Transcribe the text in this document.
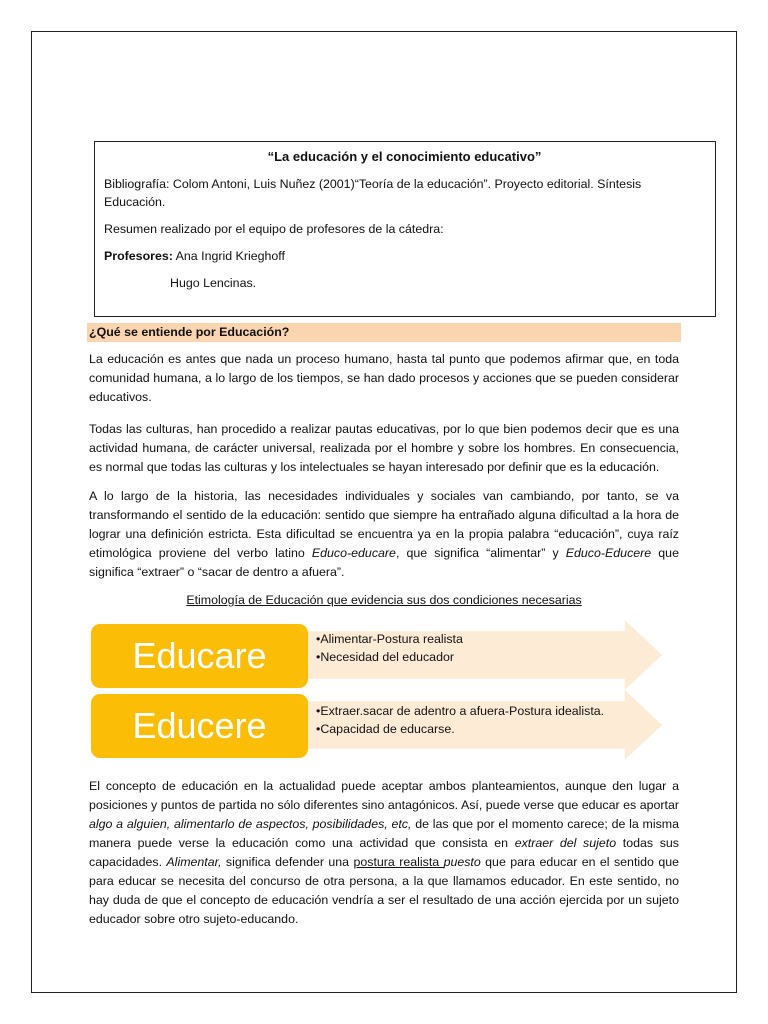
“La educación y el conocimiento educativo”

Bibliografía: Colom Antoni, Luis Nuñez (2001)“Teoría de la educación”. Proyecto editorial. Síntesis Educación.

Resumen realizado por el equipo de profesores de la cátedra:

Profesores: Ana Ingrid Krieghoff

Hugo Lencinas.

¿Qué se entiende por Educación?

La educación es antes que nada un proceso humano, hasta tal punto que podemos afirmar que, en toda comunidad humana, a lo largo de los tiempos, se han dado procesos y acciones que se pueden considerar educativos.

Todas las culturas, han procedido a realizar pautas educativas, por lo que bien podemos decir que es una actividad humana, de carácter universal, realizada por el hombre y sobre los hombres. En consecuencia, es normal que todas las culturas y los intelectuales se hayan interesado por definir que es la educación.

A lo largo de la historia, las necesidades individuales y sociales van cambiando, por tanto, se va transformando el sentido de la educación: sentido que siempre ha entrañado alguna dificultad a la hora de lograr una definición estricta. Esta dificultad se encuentra ya en la propia palabra “educación”, cuya raíz etimológica proviene del verbo latino Educo-educare, que significa “alimentar” y Educo-Educere que significa “extraer” o “sacar de dentro a afuera”.

Etimología de Educación que evidencia sus dos condiciones necesarias
Educare	•Alimentar-Postura realista
•Necesidad del educador
Educere	•Extraer.sacar de adentro a afuera-Postura idealista.
•Capacidad de educarse.

El concepto de educación en la actualidad puede aceptar ambos planteamientos, aunque den lugar a posiciones y puntos de partida no sólo diferentes sino antagónicos. Así, puede verse que educar es aportar algo a alguien, alimentarlo de aspectos, posibilidades, etc, de las que por el momento carece; de la misma manera puede verse la educación como una actividad que consista en extraer del sujeto todas sus capacidades. Alimentar, significa defender una postura realista puesto que para educar en el sentido que para educar se necesita del concurso de otra persona, a la que llamamos educador. En este sentido, no hay duda de que el concepto de educación vendría a ser el resultado de una acción ejercida por un sujeto educador sobre otro sujeto-educando.
